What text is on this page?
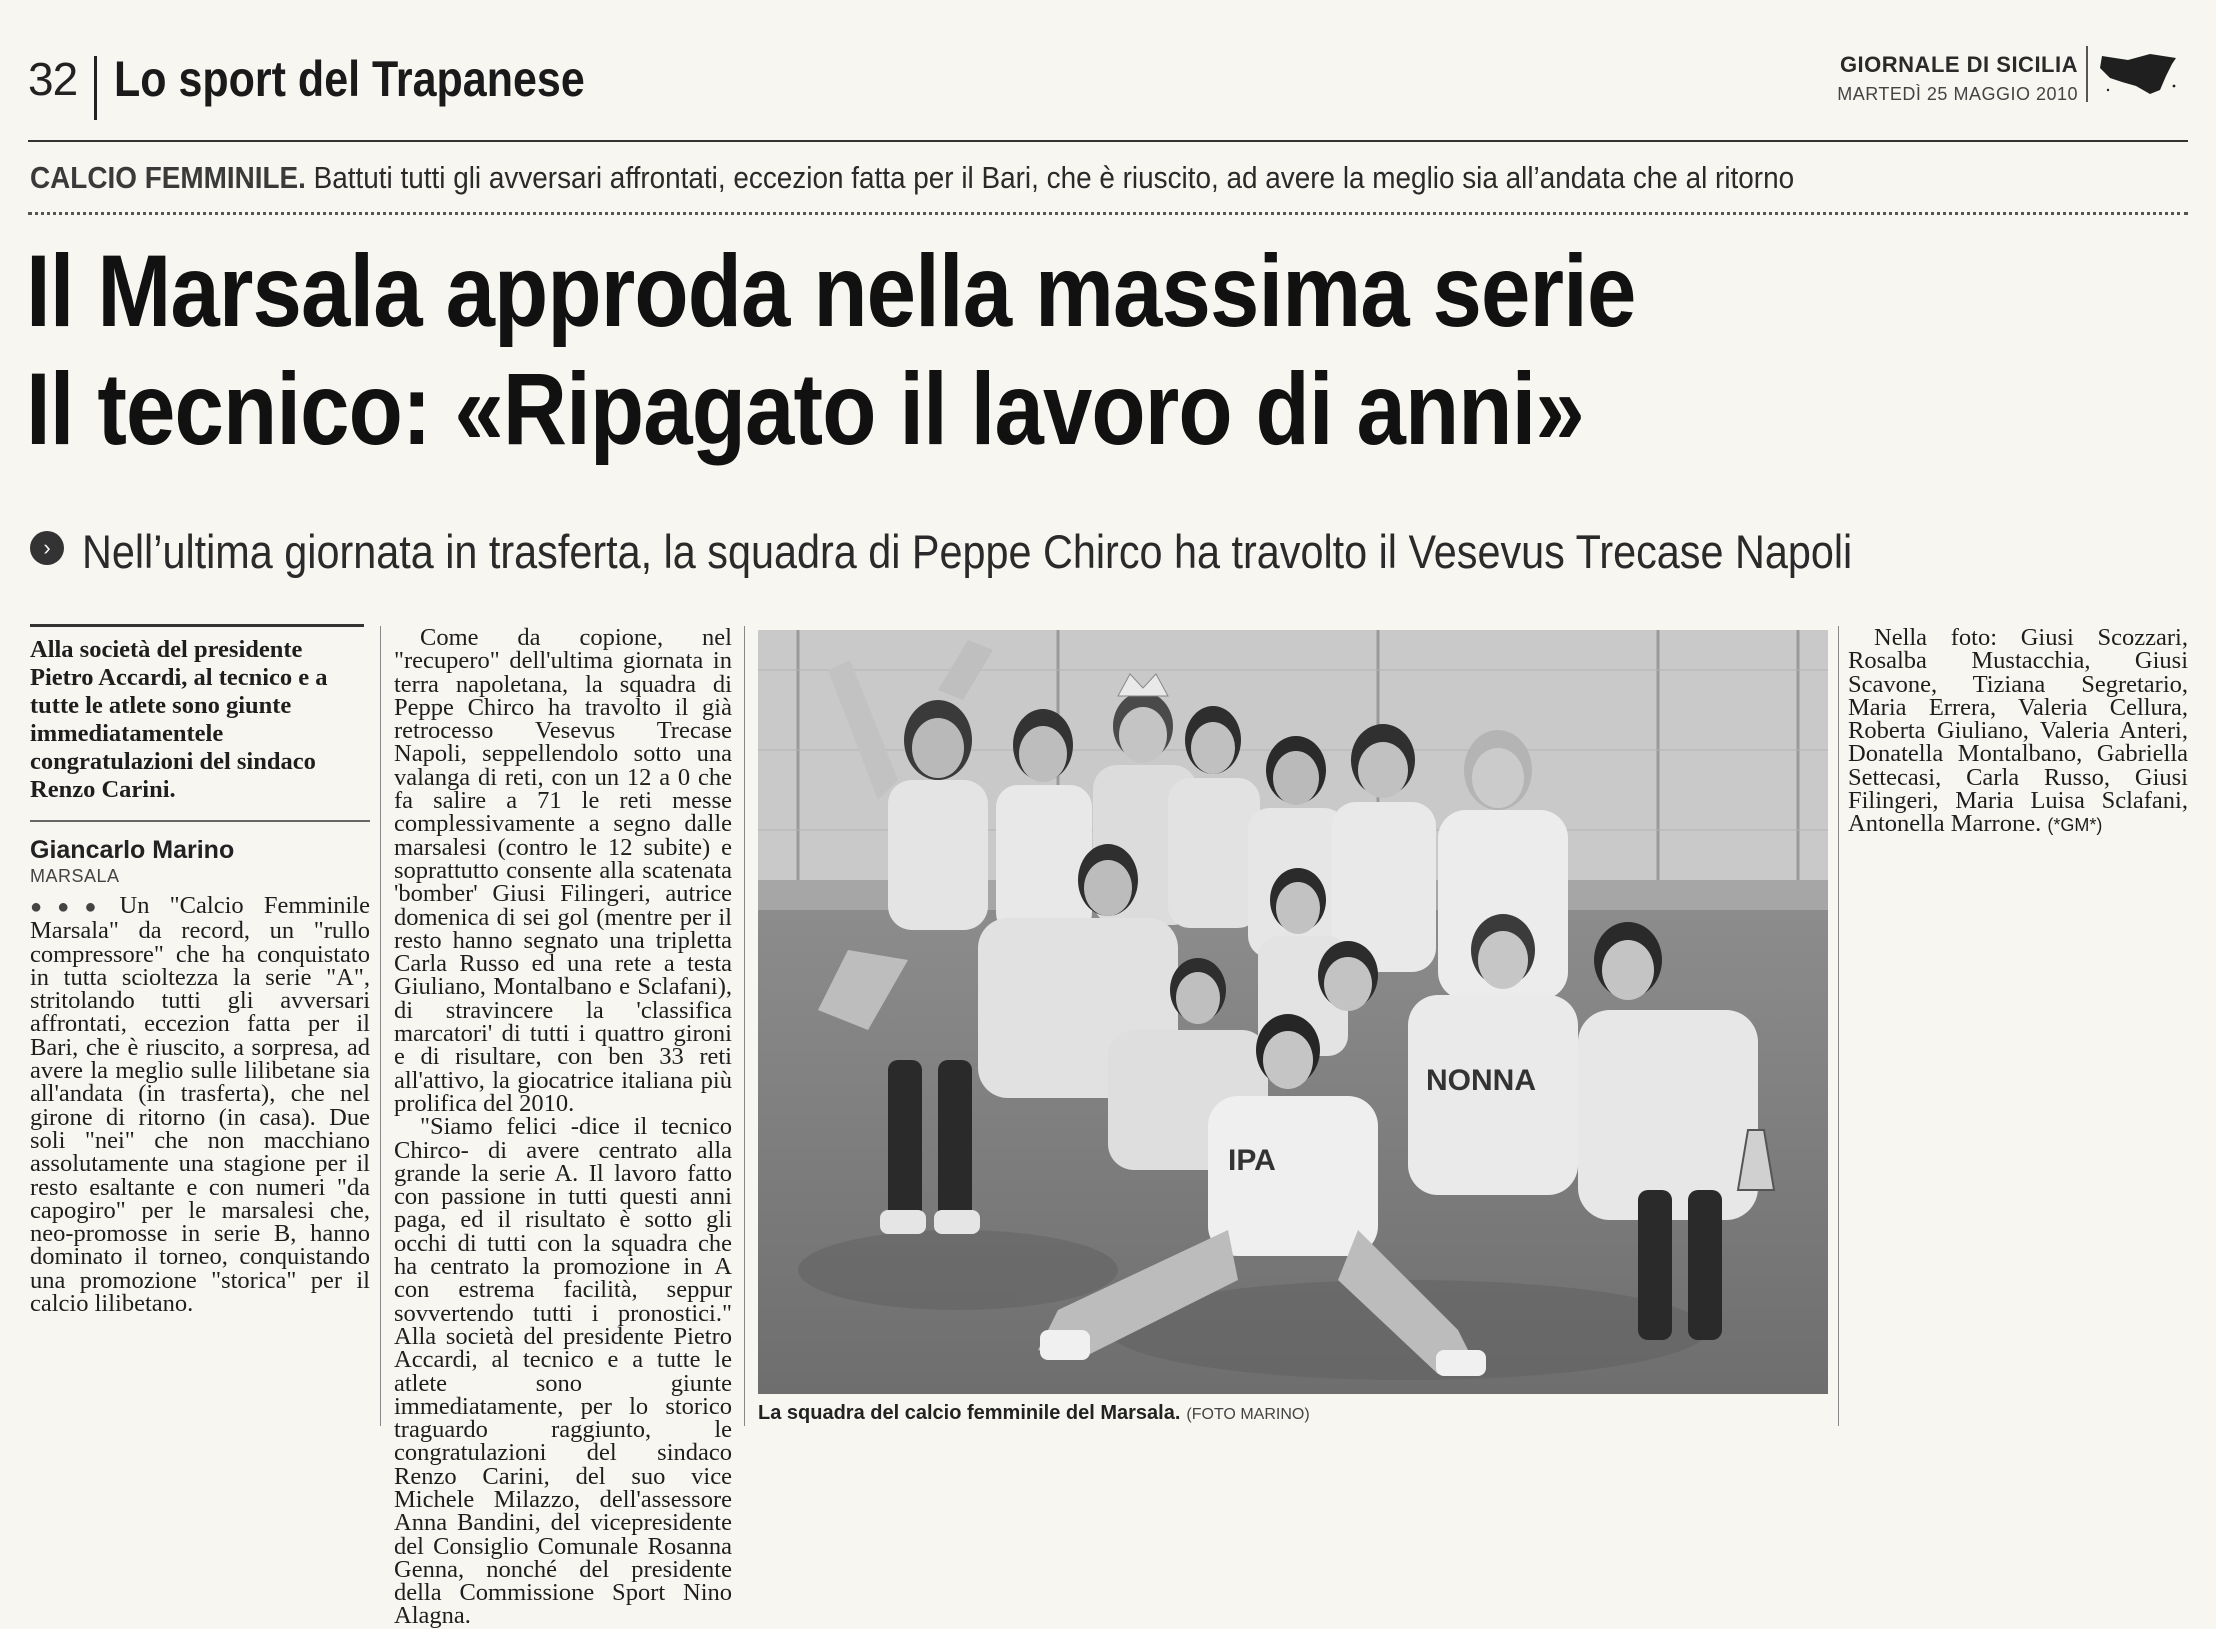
32 Lo sport del Trapanese	GIORNALE DI SICILIA
MARTEDÌ 25 MAGGIO 2010
CALCIO FEMMINILE. Battuti tutti gli avversari affrontati, eccezion fatta per il Bari, che è riuscito, ad avere la meglio sia all’andata che al ritorno
Il Marsala approda nella massima serie
Il tecnico: «Ripagato il lavoro di anni»
› Nell’ultima giornata in trasferta, la squadra di Peppe Chirco ha travolto il Vesevus Trecase Napoli
Alla società del presidente Pietro Accardi, al tecnico e a tutte le atlete sono giunte immediatamentele congratulazioni del sindaco Renzo Carini.
Giancarlo Marino
MARSALA

●●● Un "Calcio Femminile Marsala" da record, un "rullo compressore" che ha conquistato in tutta scioltezza la serie "A", stritolando tutti gli avversari affrontati, eccezion fatta per il Bari, che è riuscito, a sorpresa, ad avere la meglio sulle lilibetane sia all'andata (in trasferta), che nel girone di ritorno (in casa). Due soli "nei" che non macchiano assolutamente una stagione per il resto esaltante e con numeri "da capogiro" per le marsalesi che, neo-promosse in serie B, hanno dominato il torneo, conquistando una promozione "storica" per il calcio lilibetano.

Come da copione, nel "recupero" dell'ultima giornata in terra napoletana, la squadra di Peppe Chirco ha travolto il già retrocesso Vesevus Trecase Napoli, seppellendolo sotto una valanga di reti, con un 12 a 0 che fa salire a 71 le reti messe complessivamente a segno dalle marsalesi (contro le 12 subite) e soprattutto consente alla scatenata 'bomber' Giusi Filingeri, autrice domenica di sei gol (mentre per il resto hanno segnato una tripletta Carla Russo ed una rete a testa Giuliano, Montalbano e Sclafani), di stravincere la 'classifica marcatori' di tutti i quattro gironi e di risultare, con ben 33 reti all'attivo, la giocatrice italiana più prolifica del 2010.

"Siamo felici -dice il tecnico Chirco- di avere centrato alla grande la serie A. Il lavoro fatto con passione in tutti questi anni paga, ed il risultato è sotto gli occhi di tutti con la squadra che ha centrato la promozione in A con estrema facilità, seppur sovvertendo tutti i pronostici." Alla società del presidente Pietro Accardi, al tecnico e a tutte le atlete sono giunte immediatamente, per lo storico traguardo raggiunto, le congratulazioni del sindaco Renzo Carini, del suo vice Michele Milazzo, dell'assessore Anna Bandini, del vicepresidente del Consiglio Comunale Rosanna Genna, nonché del presidente della Commissione Sport Nino Alagna.

NONNA
IPA
La squadra del calcio femminile del Marsala. (FOTO MARINO)

Nella foto: Giusi Scozzari, Rosalba Mustacchia, Giusi Scavone, Tiziana Segretario, Maria Errera, Valeria Cellura, Roberta Giuliano, Valeria Anteri, Donatella Montalbano, Gabriella Settecasi, Carla Russo, Giusi Filingeri, Maria Luisa Sclafani, Antonella Marrone. (*GM*)
